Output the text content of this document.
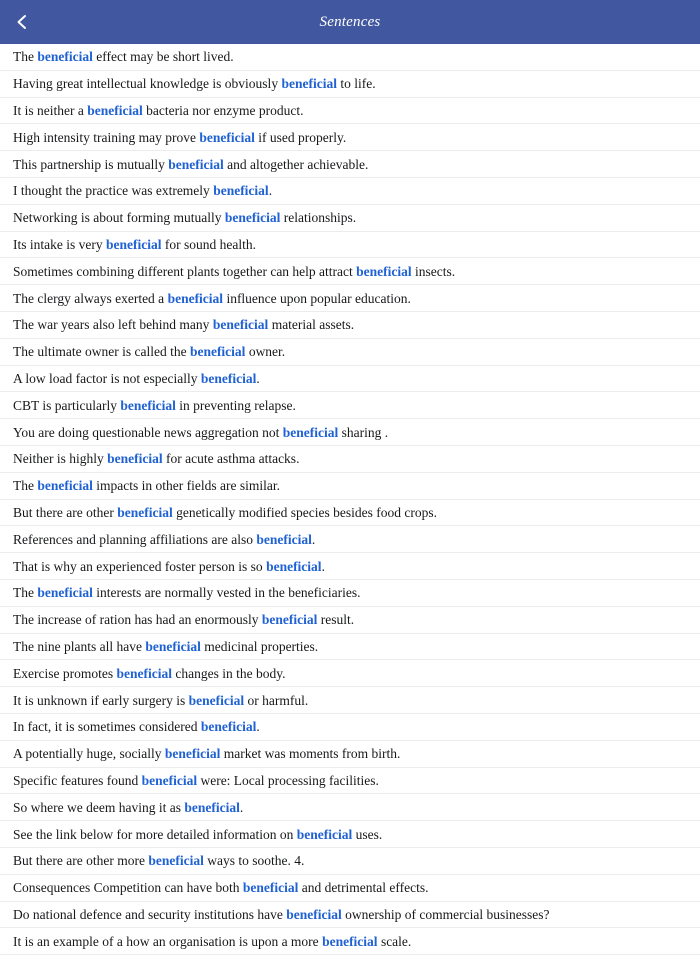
Sentences
The beneficial effect may be short lived.
Having great intellectual knowledge is obviously beneficial to life.
It is neither a beneficial bacteria nor enzyme product.
High intensity training may prove beneficial if used properly.
This partnership is mutually beneficial and altogether achievable.
I thought the practice was extremely beneficial.
Networking is about forming mutually beneficial relationships.
Its intake is very beneficial for sound health.
Sometimes combining different plants together can help attract beneficial insects.
The clergy always exerted a beneficial influence upon popular education.
The war years also left behind many beneficial material assets.
The ultimate owner is called the beneficial owner.
A low load factor is not especially beneficial.
CBT is particularly beneficial in preventing relapse.
You are doing questionable news aggregation not beneficial sharing .
Neither is highly beneficial for acute asthma attacks.
The beneficial impacts in other fields are similar.
But there are other beneficial genetically modified species besides food crops.
References and planning affiliations are also beneficial.
That is why an experienced foster person is so beneficial.
The beneficial interests are normally vested in the beneficiaries.
The increase of ration has had an enormously beneficial result.
The nine plants all have beneficial medicinal properties.
Exercise promotes beneficial changes in the body.
It is unknown if early surgery is beneficial or harmful.
In fact, it is sometimes considered beneficial.
A potentially huge, socially beneficial market was moments from birth.
Specific features found beneficial were: Local processing facilities.
So where we deem having it as beneficial.
See the link below for more detailed information on beneficial uses.
But there are other more beneficial ways to soothe. 4.
Consequences Competition can have both beneficial and detrimental effects.
Do national defence and security institutions have beneficial ownership of commercial businesses?
It is an example of a how an organisation is upon a more beneficial scale.
